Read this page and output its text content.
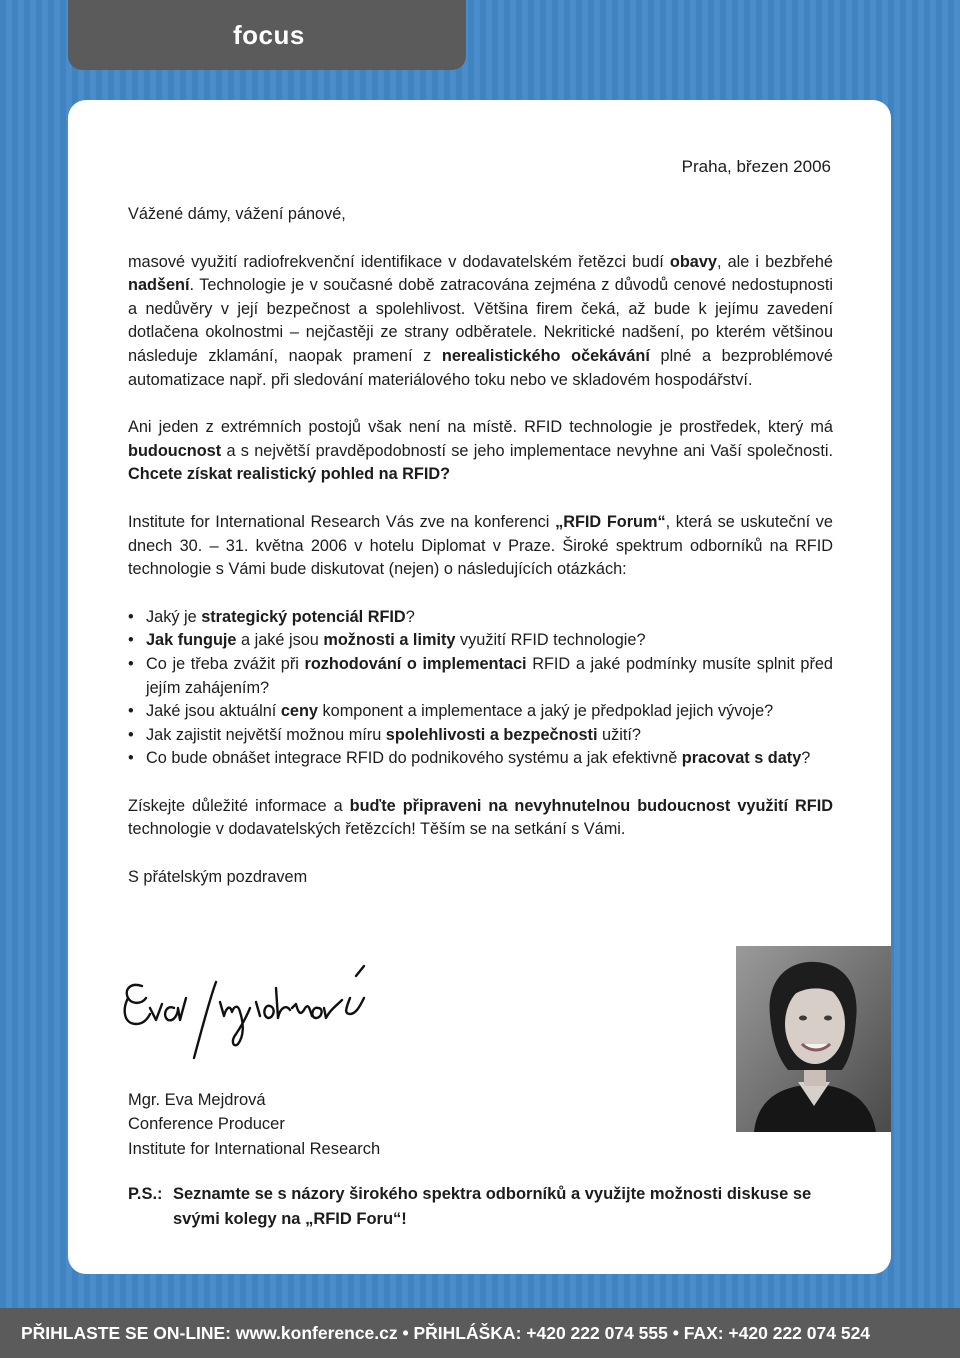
focus
Praha, březen 2006

Vážené dámy, vážení pánové,

masové využití radiofrekvenční identifikace v dodavatelském řetězci budí obavy, ale i bezbřehé nadšení. Technologie je v současné době zatracována zejména z důvodů cenové nedostupnosti a nedůvěry v její bezpečnost a spolehlivost. Většina firem čeká, až bude k jejímu zavedení dotlačena okolnostmi – nejčastěji ze strany odběratele. Nekritické nadšení, po kterém většinou následuje zklamání, naopak pramení z nerealistického očekávání plné a bezproblémové automatizace např. při sledování materiálového toku nebo ve skladovém hospodářství.

Ani jeden z extrémních postojů však není na místě. RFID technologie je prostředek, který má budoucnost a s největší pravděpodobností se jeho implementace nevyhne ani Vaší společnosti. Chcete získat realistický pohled na RFID?

Institute for International Research Vás zve na konferenci „RFID Forum“, která se uskuteční ve dnech 30. – 31. května 2006 v hotelu Diplomat v Praze. Široké spektrum odborníků na RFID technologie s Vámi bude diskutovat (nejen) o následujících otázkách:

• Jaký je strategický potenciál RFID?
• Jak funguje a jaké jsou možnosti a limity využití RFID technologie?
• Co je třeba zvážit při rozhodování o implementaci RFID a jaké podmínky musíte splnit před jejím zahájením?
• Jaké jsou aktuální ceny komponent a implementace a jaký je předpoklad jejich vývoje?
• Jak zajistit největší možnou míru spolehlivosti a bezpečnosti užití?
• Co bude obnášet integrace RFID do podnikového systému a jak efektivně pracovat s daty?

Získejte důležité informace a buďte připraveni na nevyhnutelnou budoucnost využití RFID technologie v dodavatelských řetězcích! Těším se na setkání s Vámi.

S přátelským pozdravem

Mgr. Eva Mejdrová
Conference Producer
Institute for International Research
P.S.: Seznamte se s názory širokého spektra odborníků a využijte možnosti diskuse se svými kolegy na „RFID Foru“!
PŘIHLASTE SE ON-LINE: www.konference.cz • PŘIHLÁŠKA: +420 222 074 555 • FAX: +420 222 074 524
